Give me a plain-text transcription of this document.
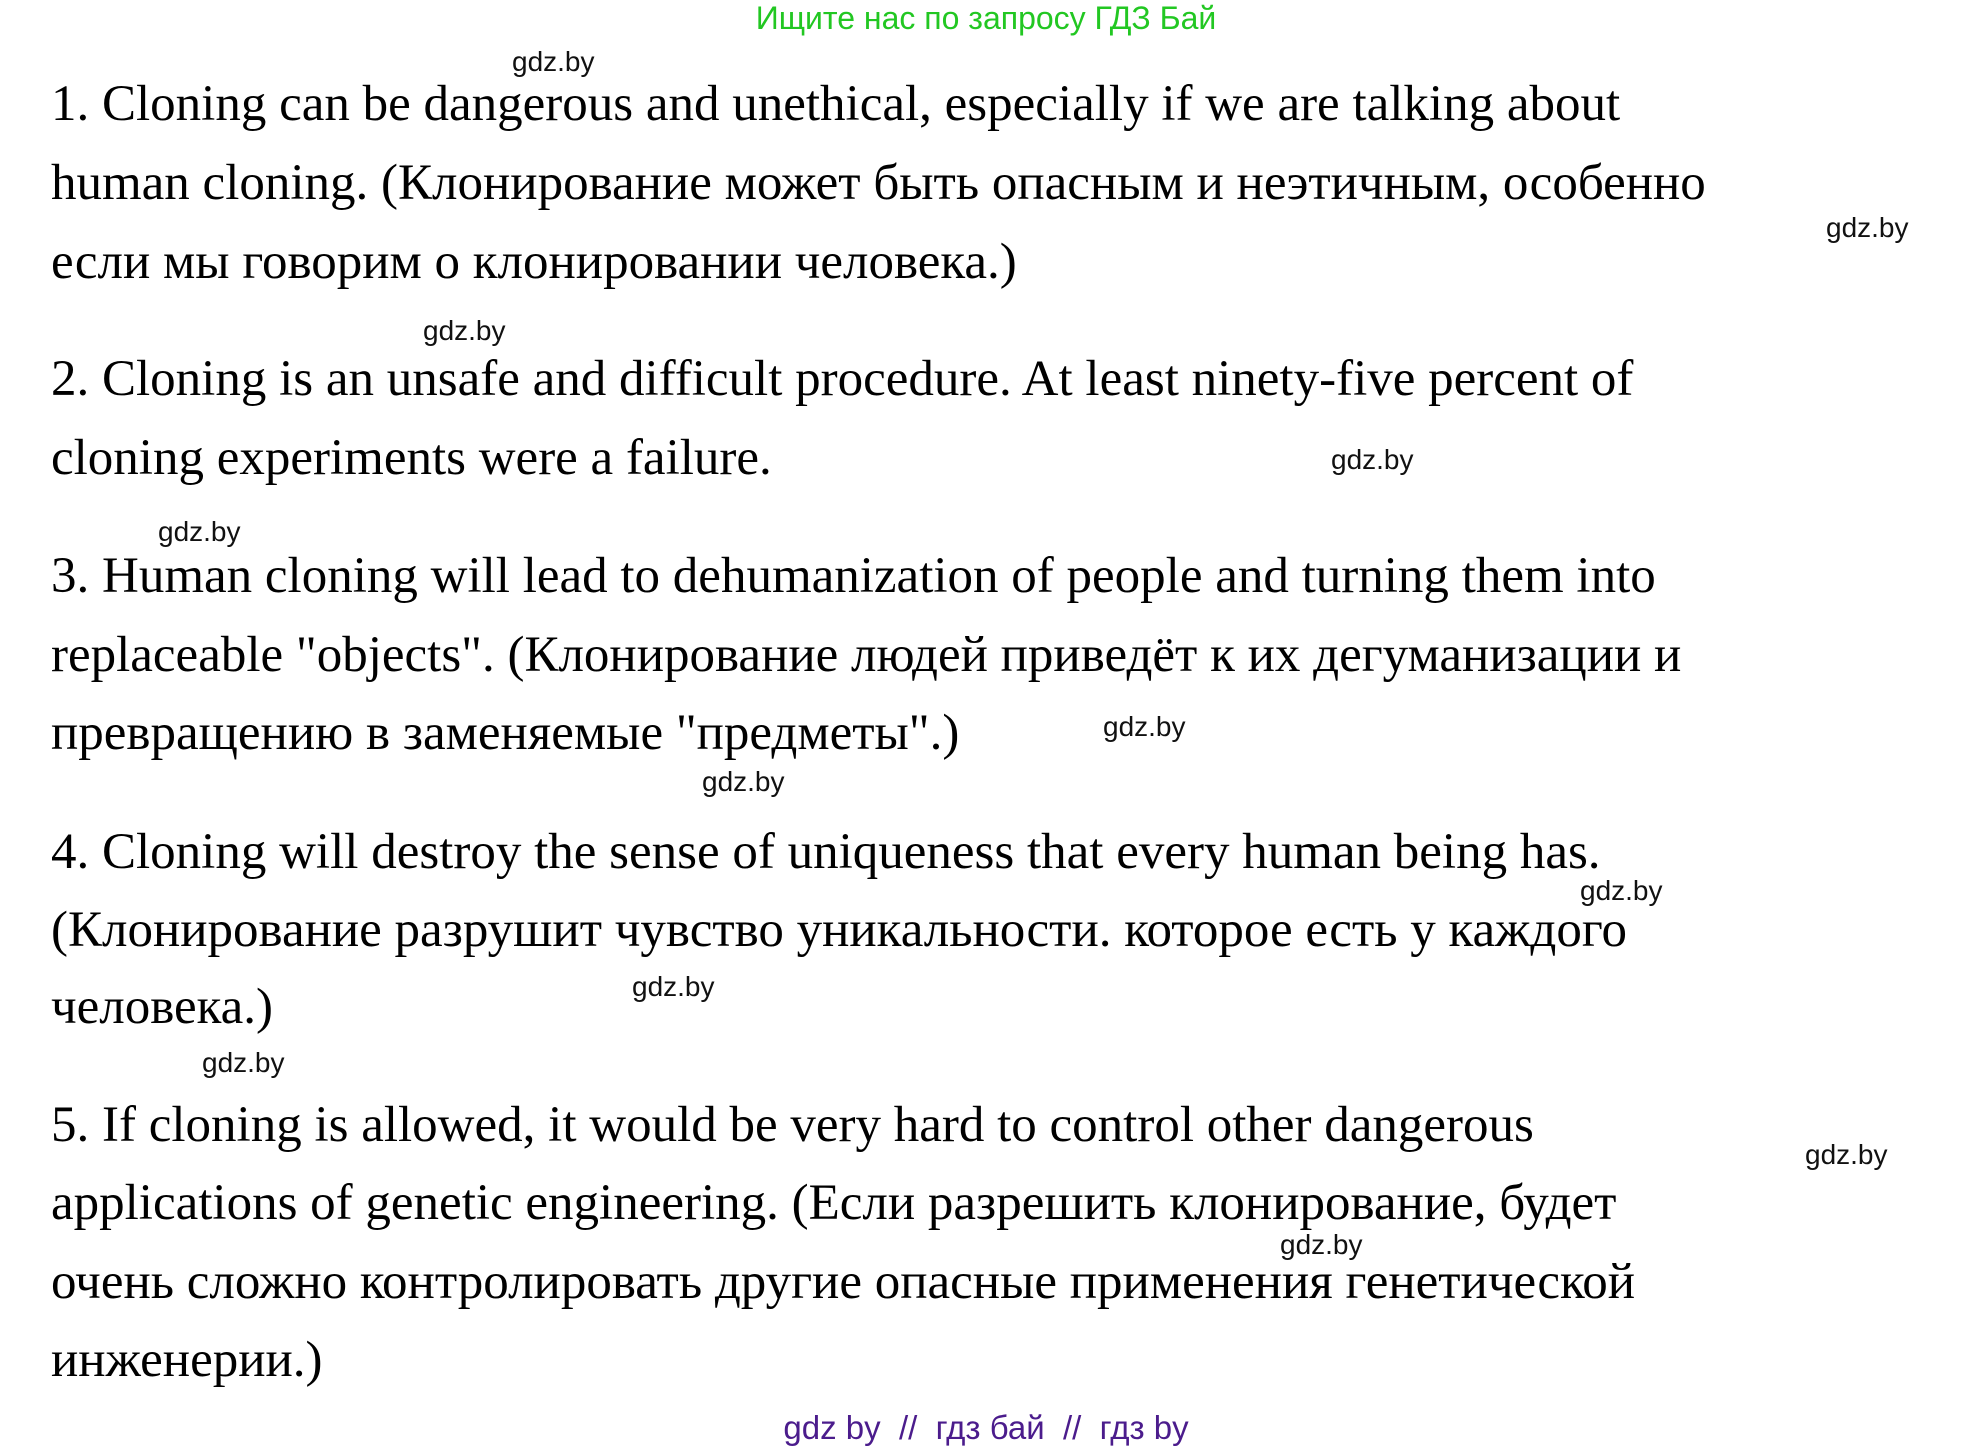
Ищите нас по запросу ГДЗ Бай
1. Cloning can be dangerous and unethical, especially if we are talking about
human cloning. (Клонирование может быть опасным и неэтичным, особенно
если мы говорим о клонировании человека.)
2. Cloning is an unsafe and difficult procedure. At least ninety-five percent of
cloning experiments were a failure.
3. Human cloning will lead to dehumanization of people and turning them into
replaceable "objects". (Клонирование людей приведёт к их дегуманизации и
превращению в заменяемые "предметы".)
4. Cloning will destroy the sense of uniqueness that every human being has.
(Клонирование разрушит чувство уникальности. которое есть у каждого
человека.)
5. If cloning is allowed, it would be very hard to control other dangerous
applications of genetic engineering. (Если разрешить клонирование, будет
очень сложно контролировать другие опасные применения генетической
инженерии.)
gdz.by
gdz.by
gdz.by
gdz.by
gdz.by
gdz.by
gdz.by
gdz.by
gdz.by
gdz.by
gdz.by
gdz.by
gdz by  //  гдз бай  //  гдз by
